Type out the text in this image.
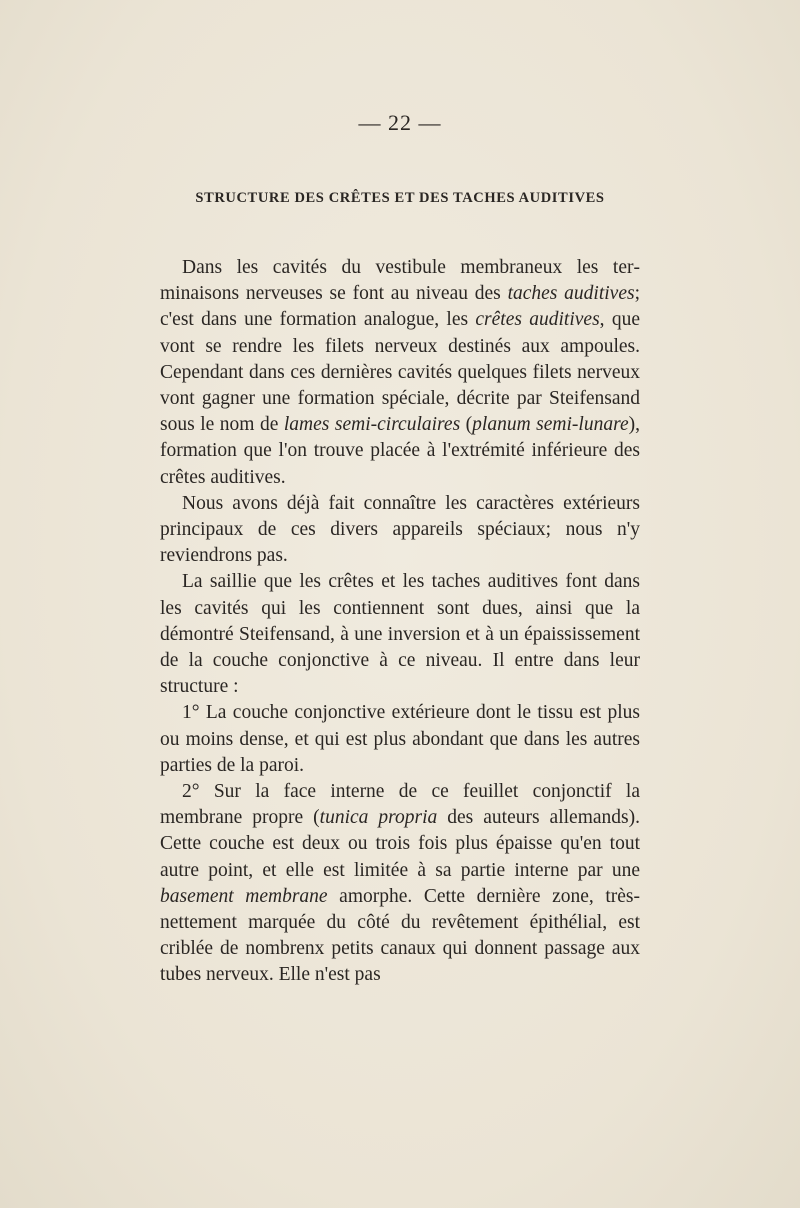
— 22 —
STRUCTURE DES CRÊTES ET DES TACHES AUDITIVES

Dans les cavités du vestibule membraneux les terminaisons nerveuses se font au niveau des taches auditives; c'est dans une formation analogue, les crêtes auditives, que vont se rendre les filets nerveux destinés aux ampoules. Cependant dans ces dernières cavités quelques filets nerveux vont gagner une formation spéciale, décrite par Steifensand sous le nom de lames semi-circulaires (planum semi-lunare), formation que l'on trouve placée à l'extrémité inférieure des crêtes auditives.

Nous avons déjà fait connaître les caractères extérieurs principaux de ces divers appareils spéciaux; nous n'y reviendrons pas.

La saillie que les crêtes et les taches auditives font dans les cavités qui les contiennent sont dues, ainsi que la démontré Steifensand, à une inversion et à un épaississement de la couche conjonctive à ce niveau. Il entre dans leur structure :

1° La couche conjonctive extérieure dont le tissu est plus ou moins dense, et qui est plus abondant que dans les autres parties de la paroi.

2° Sur la face interne de ce feuillet conjonctif la membrane propre (tunica propria des auteurs allemands). Cette couche est deux ou trois fois plus épaisse qu'en tout autre point, et elle est limitée à sa partie interne par une basement membrane amorphe. Cette dernière zone, très-nettement marquée du côté du revêtement épithélial, est criblée de nombrenx petits canaux qui donnent passage aux tubes nerveux. Elle n'est pas
